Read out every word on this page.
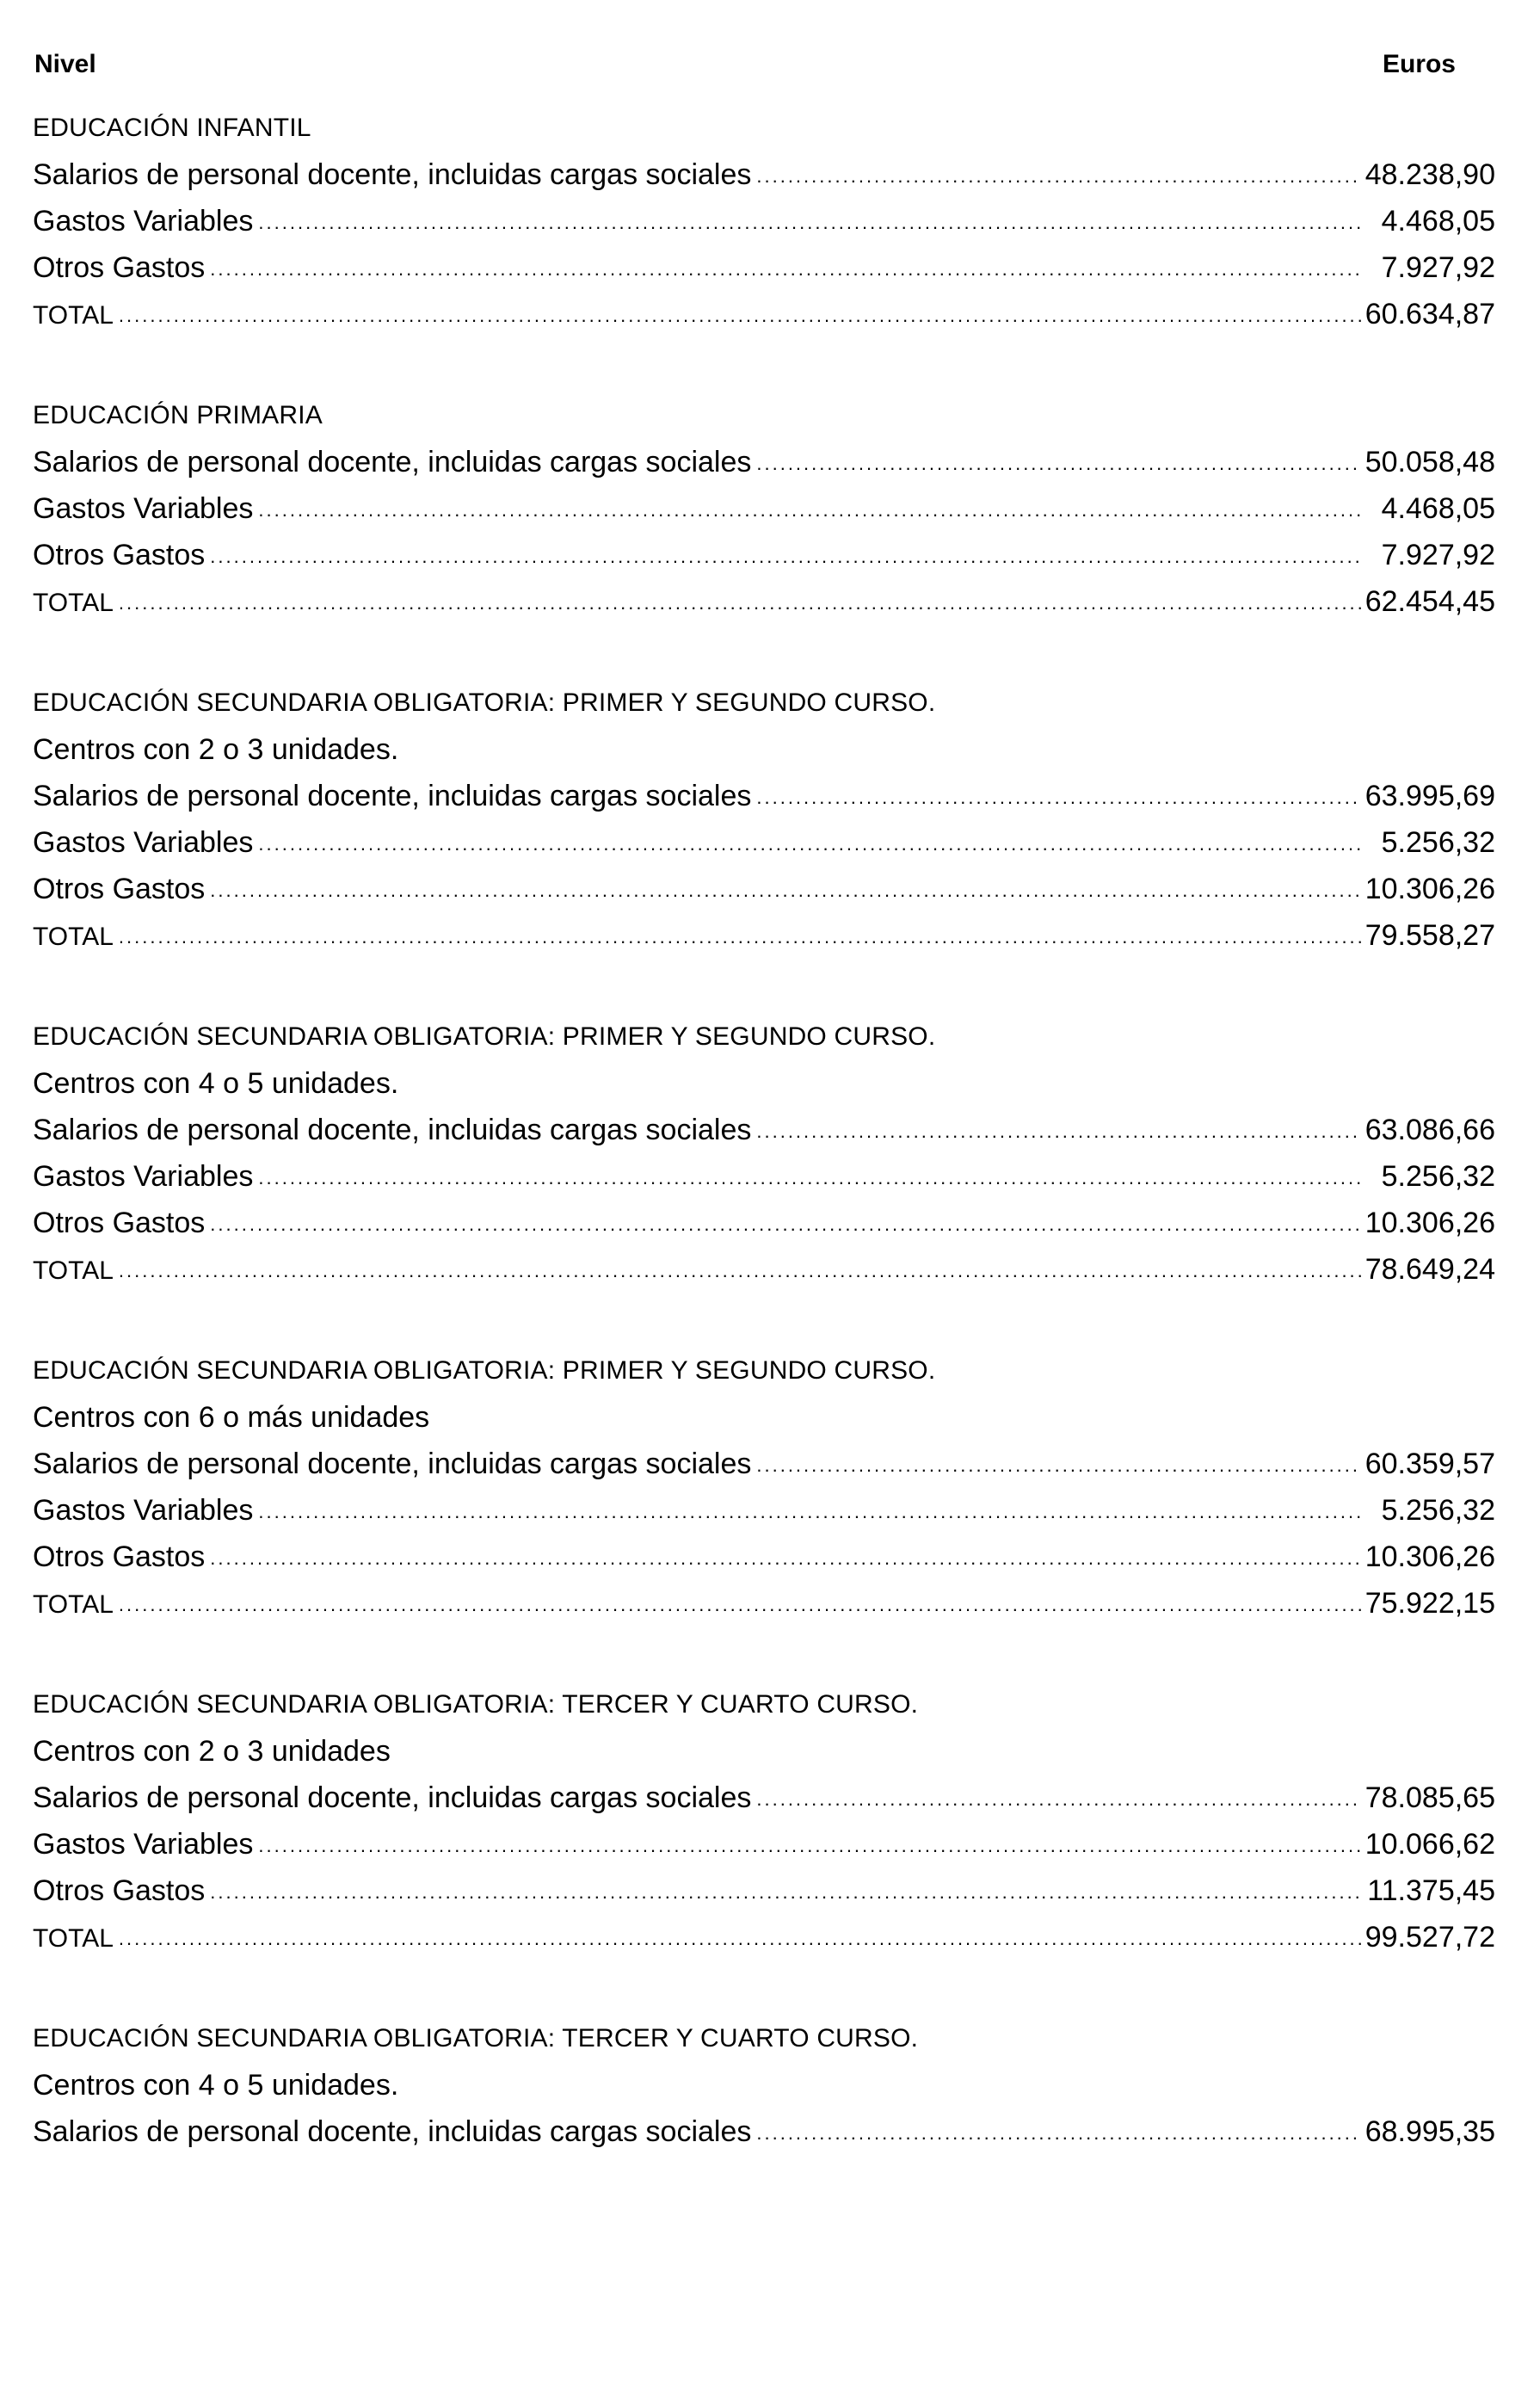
Nivel	Euros
EDUCACIÓN INFANTIL
Salarios de personal docente, incluidas cargas sociales .....	48.238,90
Gastos Variables .....	4.468,05
Otros Gastos .....	7.927,92
TOTAL .....	60.634,87
EDUCACIÓN PRIMARIA
Salarios de personal docente, incluidas cargas sociales .....	50.058,48
Gastos Variables .....	4.468,05
Otros Gastos .....	7.927,92
TOTAL .....	62.454,45
EDUCACIÓN SECUNDARIA OBLIGATORIA: PRIMER Y SEGUNDO CURSO.
Centros con 2 o 3 unidades.
Salarios de personal docente, incluidas cargas sociales .....	63.995,69
Gastos Variables .....	5.256,32
Otros Gastos .....	10.306,26
TOTAL .....	79.558,27
EDUCACIÓN SECUNDARIA OBLIGATORIA: PRIMER Y SEGUNDO CURSO.
Centros con 4 o 5 unidades.
Salarios de personal docente, incluidas cargas sociales .....	63.086,66
Gastos Variables .....	5.256,32
Otros Gastos .....	10.306,26
TOTAL .....	78.649,24
EDUCACIÓN SECUNDARIA OBLIGATORIA: PRIMER Y SEGUNDO CURSO.
Centros con 6 o más unidades
Salarios de personal docente, incluidas cargas sociales .....	60.359,57
Gastos Variables .....	5.256,32
Otros Gastos .....	10.306,26
TOTAL .....	75.922,15
EDUCACIÓN SECUNDARIA OBLIGATORIA: TERCER Y CUARTO CURSO.
Centros con 2 o 3 unidades
Salarios de personal docente, incluidas cargas sociales .....	78.085,65
Gastos Variables .....	10.066,62
Otros Gastos .....	11.375,45
TOTAL .....	99.527,72
EDUCACIÓN SECUNDARIA OBLIGATORIA: TERCER Y CUARTO CURSO.
Centros con 4 o 5 unidades.
Salarios de personal docente, incluidas cargas sociales .....	68.995,35
